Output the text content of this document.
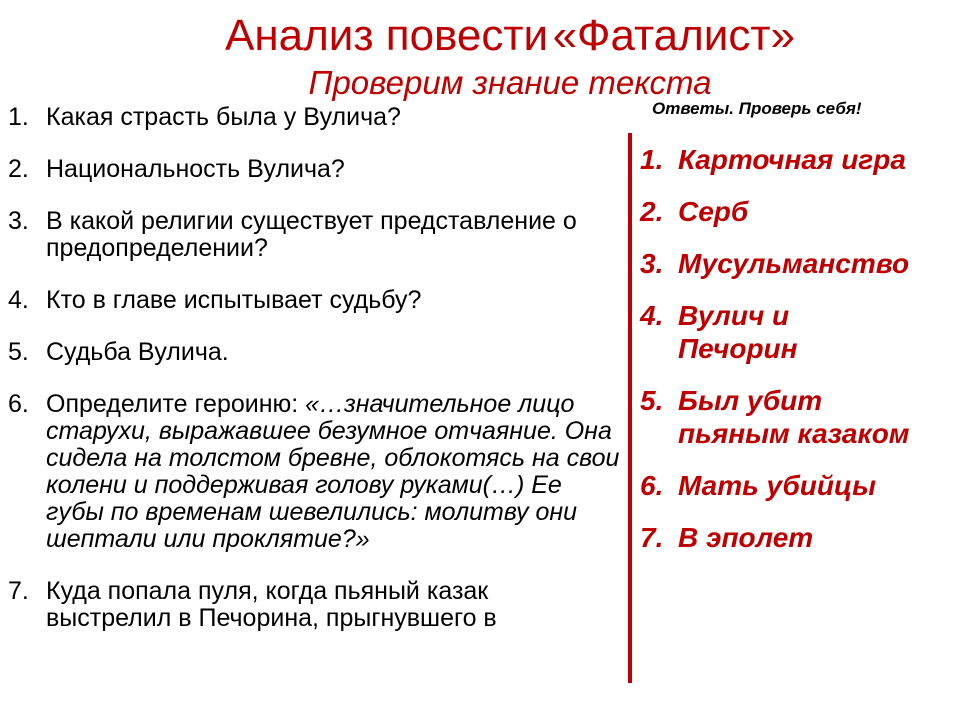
Анализ повести «Фаталист»
Проверим знание текста
1. Какая страсть была у Вулича?
2. Национальность Вулича?
3. В какой религии существует представление о предопределении?
4. Кто в главе испытывает судьбу?
5. Судьба Вулича.
6. Определите героиню: «…значительное лицо старухи, выражавшее безумное отчаяние. Она сидела на толстом бревне, облокотясь на свои колени и поддерживая голову руками(…) Ее губы по временам шевелились: молитву они шептали или проклятие?»
7. Куда попала пуля, когда пьяный казак выстрелил в Печорина, прыгнувшего в
Ответы. Проверь себя!
1. Карточная игра
2. Серб
3. Мусульманство
4. Вулич и
Печорин
5. Был убит
пьяным казаком
6. Мать убийцы
7. В эполет
